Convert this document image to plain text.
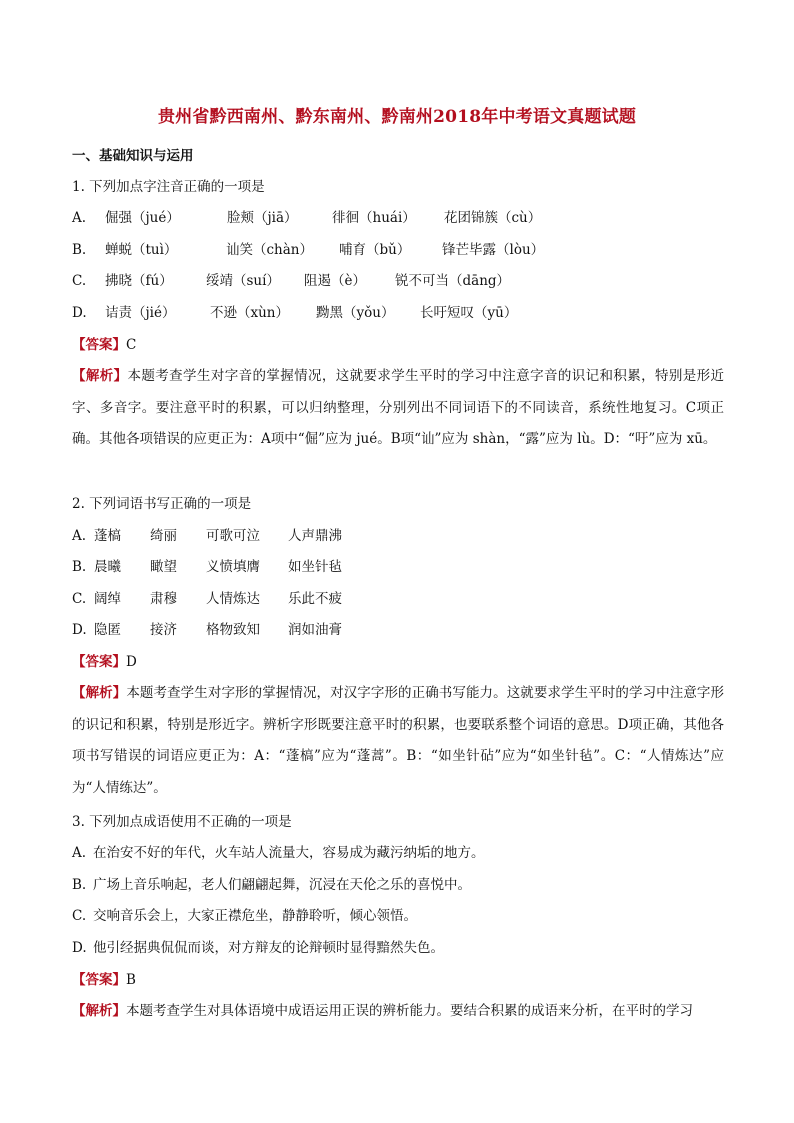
贵州省黔西南州、黔东南州、黔南州2018年中考语文真题试题
一、基础知识与运用
1. 下列加点字注音正确的一项是
A. 倔强（jué）	脸颊（jiā）	徘徊（huái） 花团锦簇（cù）
B. 蝉蜕（tuì）	讪笑（chàn） 哺育（bǔ） 锋芒毕露（lòu）
C. 拂晓（fú） 绥靖（suí） 阻遏（è） 锐不可当（dāng）
D. 诘责（jié）	不逊（xùn） 黝黑（yǒu） 长吁短叹（yū）
【答案】C
【解析】本题考查学生对字音的掌握情况，这就要求学生平时的学习中注意字音的识记和积累，特别是形近字、多音字。要注意平时的积累，可以归纳整理，分别列出不同词语下的不同读音，系统性地复习。C项正确。其他各项错误的应更正为：A项中“倔”应为 jué。B项“讪”应为 shàn，“露”应为 lù。D：“吁”应为 xū。
2. 下列词语书写正确的一项是
A. 蓬槁 绮丽 可歌可泣 人声鼎沸
B. 晨曦 瞰望 义愤填膺 如坐针毡
C. 阔绰 肃穆 人情炼达 乐此不疲
D. 隐匿 接济 格物致知 润如油膏
【答案】D
【解析】本题考查学生对字形的掌握情况，对汉字字形的正确书写能力。这就要求学生平时的学习中注意字形的识记和积累，特别是形近字。辨析字形既要注意平时的积累，也要联系整个词语的意思。D项正确，其他各项书写错误的词语应更正为：A：“蓬槁”应为“蓬蒿”。B：“如坐针砧”应为“如坐针毡”。C：“人情炼达”应为“人情练达”。
3. 下列加点成语使用不正确的一项是
A. 在治安不好的年代，火车站人流量大，容易成为藏污纳垢的地方。
B. 广场上音乐响起，老人们翩翩起舞，沉浸在天伦之乐的喜悦中。
C. 交响音乐会上，大家正襟危坐，静静聆听，倾心领悟。
D. 他引经据典侃侃而谈，对方辩友的论辩顿时显得黯然失色。
【答案】B
【解析】本题考查学生对具体语境中成语运用正误的辨析能力。要结合积累的成语来分析，在平时的学习
